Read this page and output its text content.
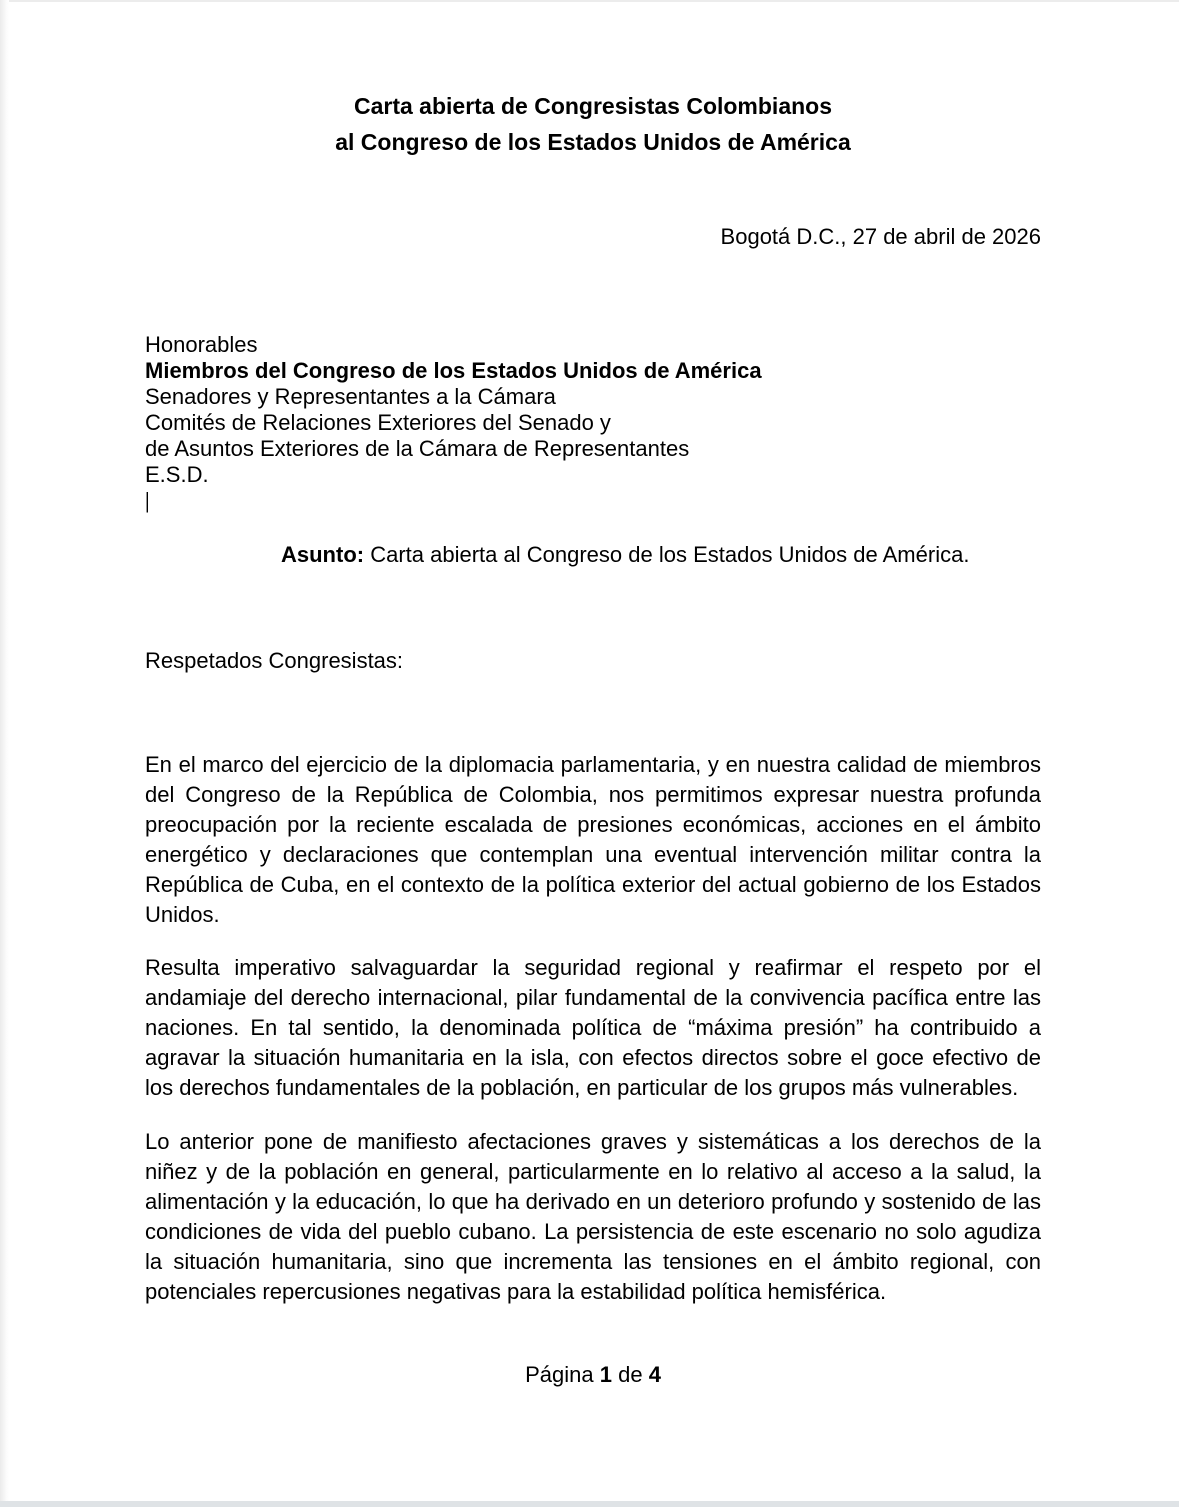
Carta abierta de Congresistas Colombianos
al Congreso de los Estados Unidos de América
Bogotá D.C., 27 de abril de 2026
Honorables
Miembros del Congreso de los Estados Unidos de América
Senadores y Representantes a la Cámara
Comités de Relaciones Exteriores del Senado y
de Asuntos Exteriores de la Cámara de Representantes
E.S.D.
|
Asunto: Carta abierta al Congreso de los Estados Unidos de América.
Respetados Congresistas:

En el marco del ejercicio de la diplomacia parlamentaria, y en nuestra calidad de miembros del Congreso de la República de Colombia, nos permitimos expresar nuestra profunda preocupación por la reciente escalada de presiones económicas, acciones en el ámbito energético y declaraciones que contemplan una eventual intervención militar contra la República de Cuba, en el contexto de la política exterior del actual gobierno de los Estados Unidos.

Resulta imperativo salvaguardar la seguridad regional y reafirmar el respeto por el andamiaje del derecho internacional, pilar fundamental de la convivencia pacífica entre las naciones. En tal sentido, la denominada política de “máxima presión” ha contribuido a agravar la situación humanitaria en la isla, con efectos directos sobre el goce efectivo de los derechos fundamentales de la población, en particular de los grupos más vulnerables.

Lo anterior pone de manifiesto afectaciones graves y sistemáticas a los derechos de la niñez y de la población en general, particularmente en lo relativo al acceso a la salud, la alimentación y la educación, lo que ha derivado en un deterioro profundo y sostenido de las condiciones de vida del pueblo cubano. La persistencia de este escenario no solo agudiza la situación humanitaria, sino que incrementa las tensiones en el ámbito regional, con potenciales repercusiones negativas para la estabilidad política hemisférica.

Página 1 de 4
